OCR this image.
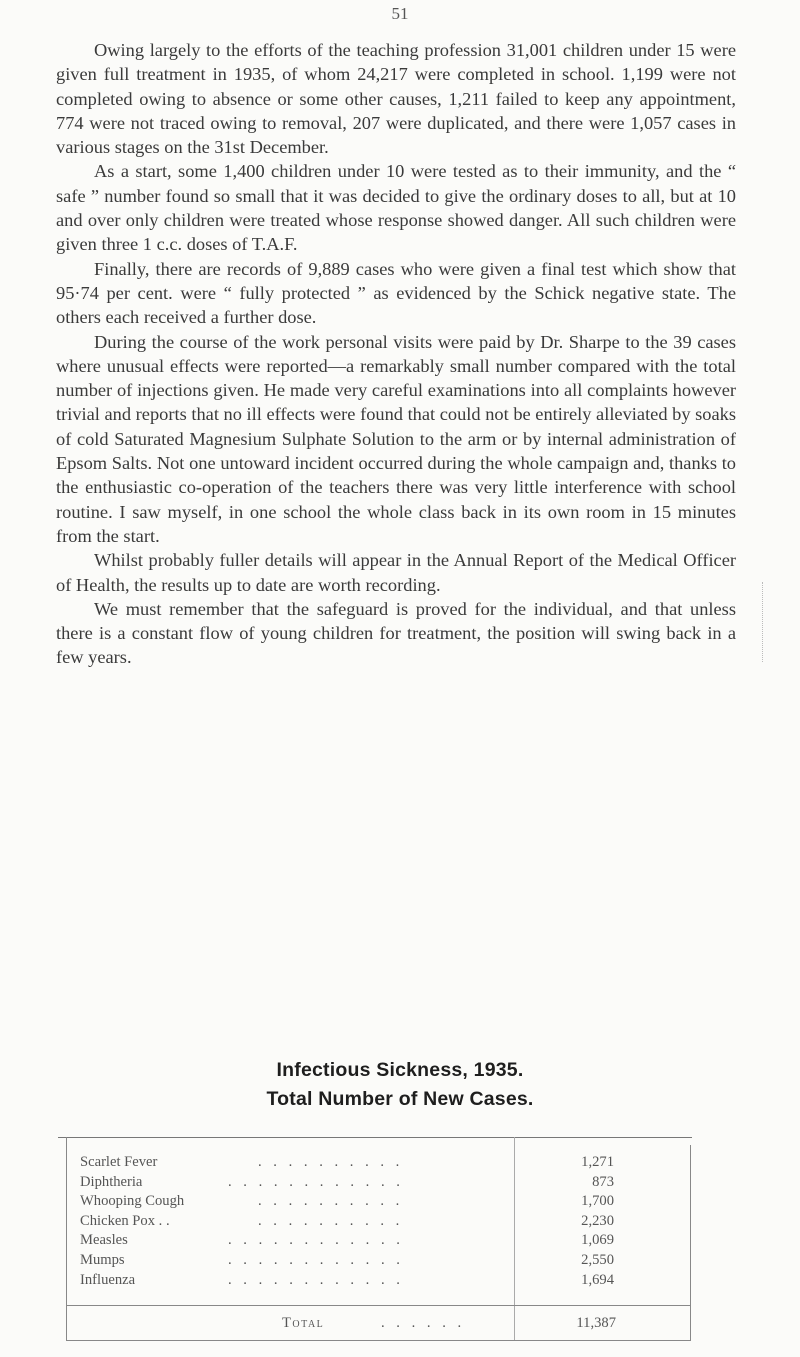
51

Owing largely to the efforts of the teaching profession 31,001 children under 15 were given full treatment in 1935, of whom 24,217 were completed in school. 1,199 were not completed owing to absence or some other causes, 1,211 failed to keep any appointment, 774 were not traced owing to removal, 207 were duplicated, and there were 1,057 cases in various stages on the 31st December.

As a start, some 1,400 children under 10 were tested as to their immunity, and the “ safe ” number found so small that it was decided to give the ordinary doses to all, but at 10 and over only children were treated whose response showed danger. All such children were given three 1 c.c. doses of T.A.F.

Finally, there are records of 9,889 cases who were given a final test which show that 95·74 per cent. were “ fully protected ” as evidenced by the Schick negative state. The others each received a further dose.

During the course of the work personal visits were paid by Dr. Sharpe to the 39 cases where unusual effects were reported—a remarkably small number compared with the total number of injections given. He made very careful examinations into all complaints however trivial and reports that no ill effects were found that could not be entirely alleviated by soaks of cold Saturated Magnesium Sulphate Solution to the arm or by internal administration of Epsom Salts. Not one untoward incident occurred during the whole campaign and, thanks to the enthusiastic co-operation of the teachers there was very little interference with school routine. I saw myself, in one school the whole class back in its own room in 15 minutes from the start.

Whilst probably fuller details will appear in the Annual Report of the Medical Officer of Health, the results up to date are worth recording.

We must remember that the safeguard is proved for the individual, and that unless there is a constant flow of young children for treatment, the position will swing back in a few years.

Infectious Sickness, 1935.
Total Number of New Cases.
Scarlet Fever	. . . . . . . . . .	1,271
Diphtheria	. . . . . . . . . . . .	873
Whooping Cough	. . . . . . . . . .	1,700
Chicken Pox . .	. . . . . . . . . .	2,230
Measles	. . . . . . . . . . . .	1,069
Mumps	. . . . . . . . . . . .	2,550
Influenza	. . . . . . . . . . . .	1,694
Total	. . . . . .	11,387
